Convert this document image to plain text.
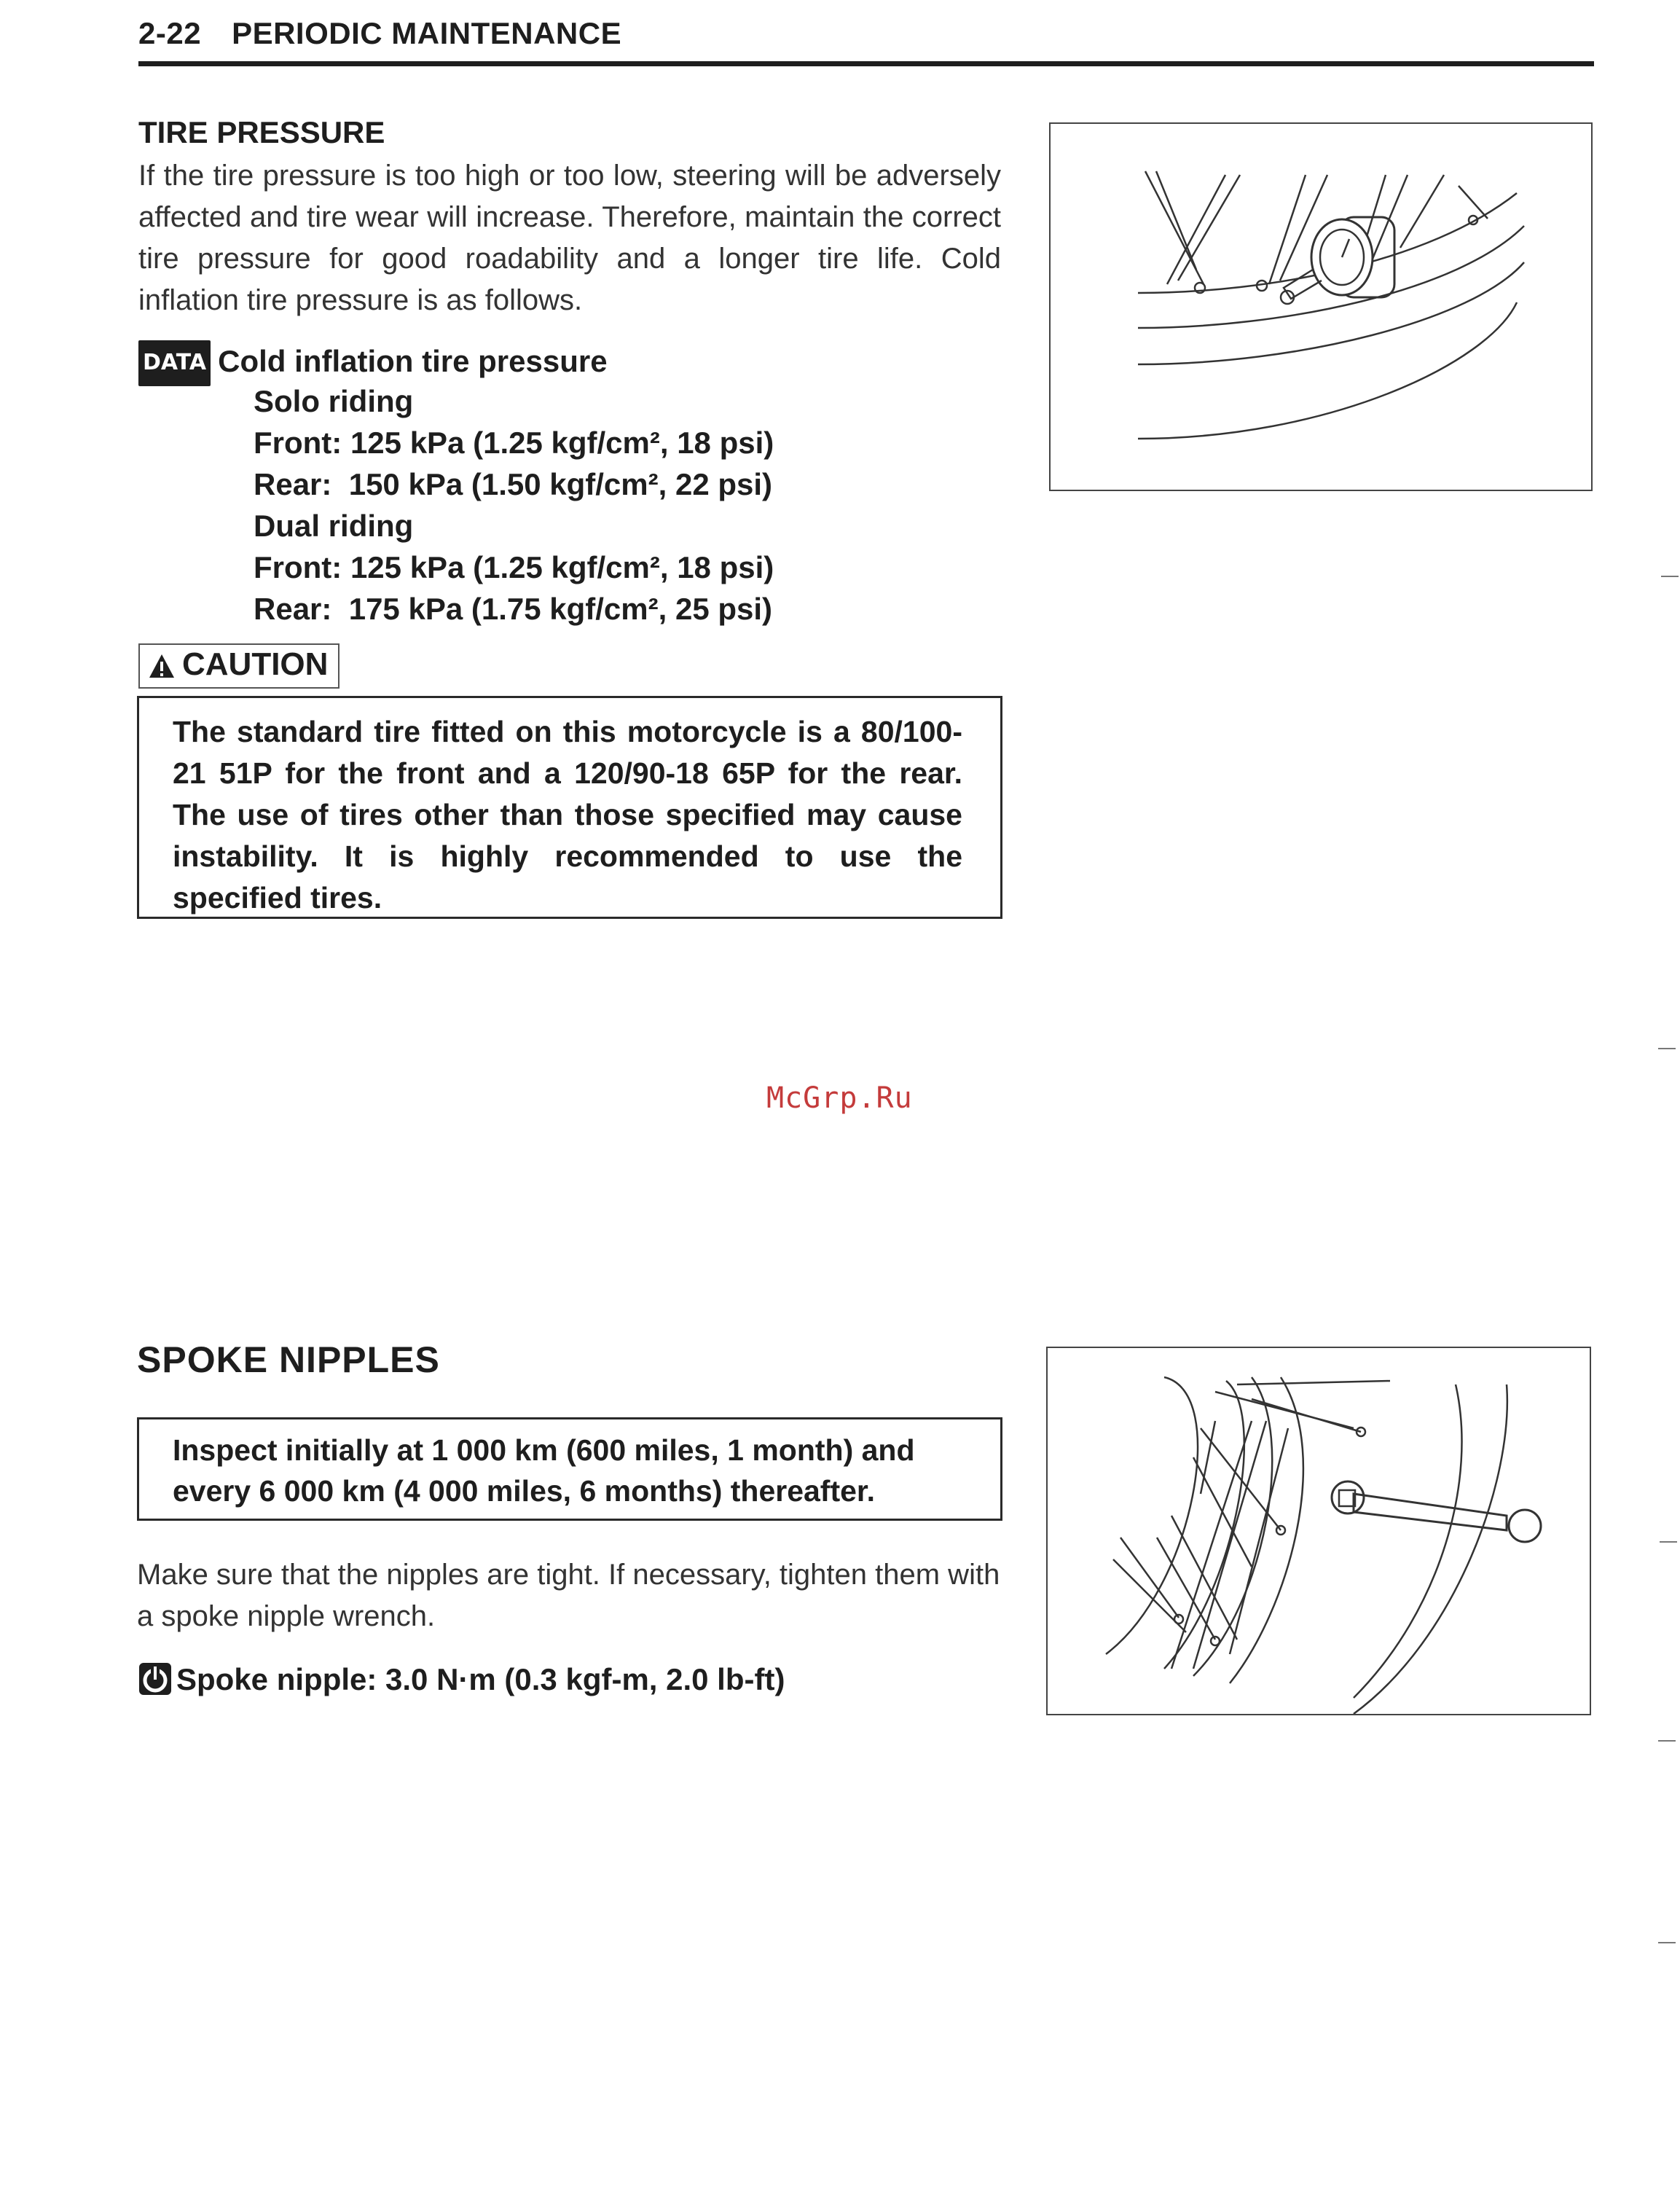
2-22 PERIODIC MAINTENANCE
TIRE PRESSURE
If the tire pressure is too high or too low, steering will be adversely affected and tire wear will increase. Therefore, maintain the correct tire pressure for good roadability and a longer tire life. Cold inflation tire pressure is as follows.
DATA Cold inflation tire pressure
Solo riding
Front: 125 kPa (1.25 kgf/cm², 18 psi)
Rear:  150 kPa (1.50 kgf/cm², 22 psi)
Dual riding
Front: 125 kPa (1.25 kgf/cm², 18 psi)
Rear:  175 kPa (1.75 kgf/cm², 25 psi)
CAUTION
The standard tire fitted on this motorcycle is a 80/100-21 51P for the front and a 120/90-18 65P for the rear. The use of tires other than those specified may cause instability. It is highly recommended to use the specified tires.
McGrp.Ru
SPOKE NIPPLES
Inspect initially at 1 000 km (600 miles, 1 month) and every 6 000 km (4 000 miles, 6 months) thereafter.
Make sure that the nipples are tight. If necessary, tighten them with a spoke nipple wrench.
Spoke nipple: 3.0 N·m (0.3 kgf-m, 2.0 lb-ft)
